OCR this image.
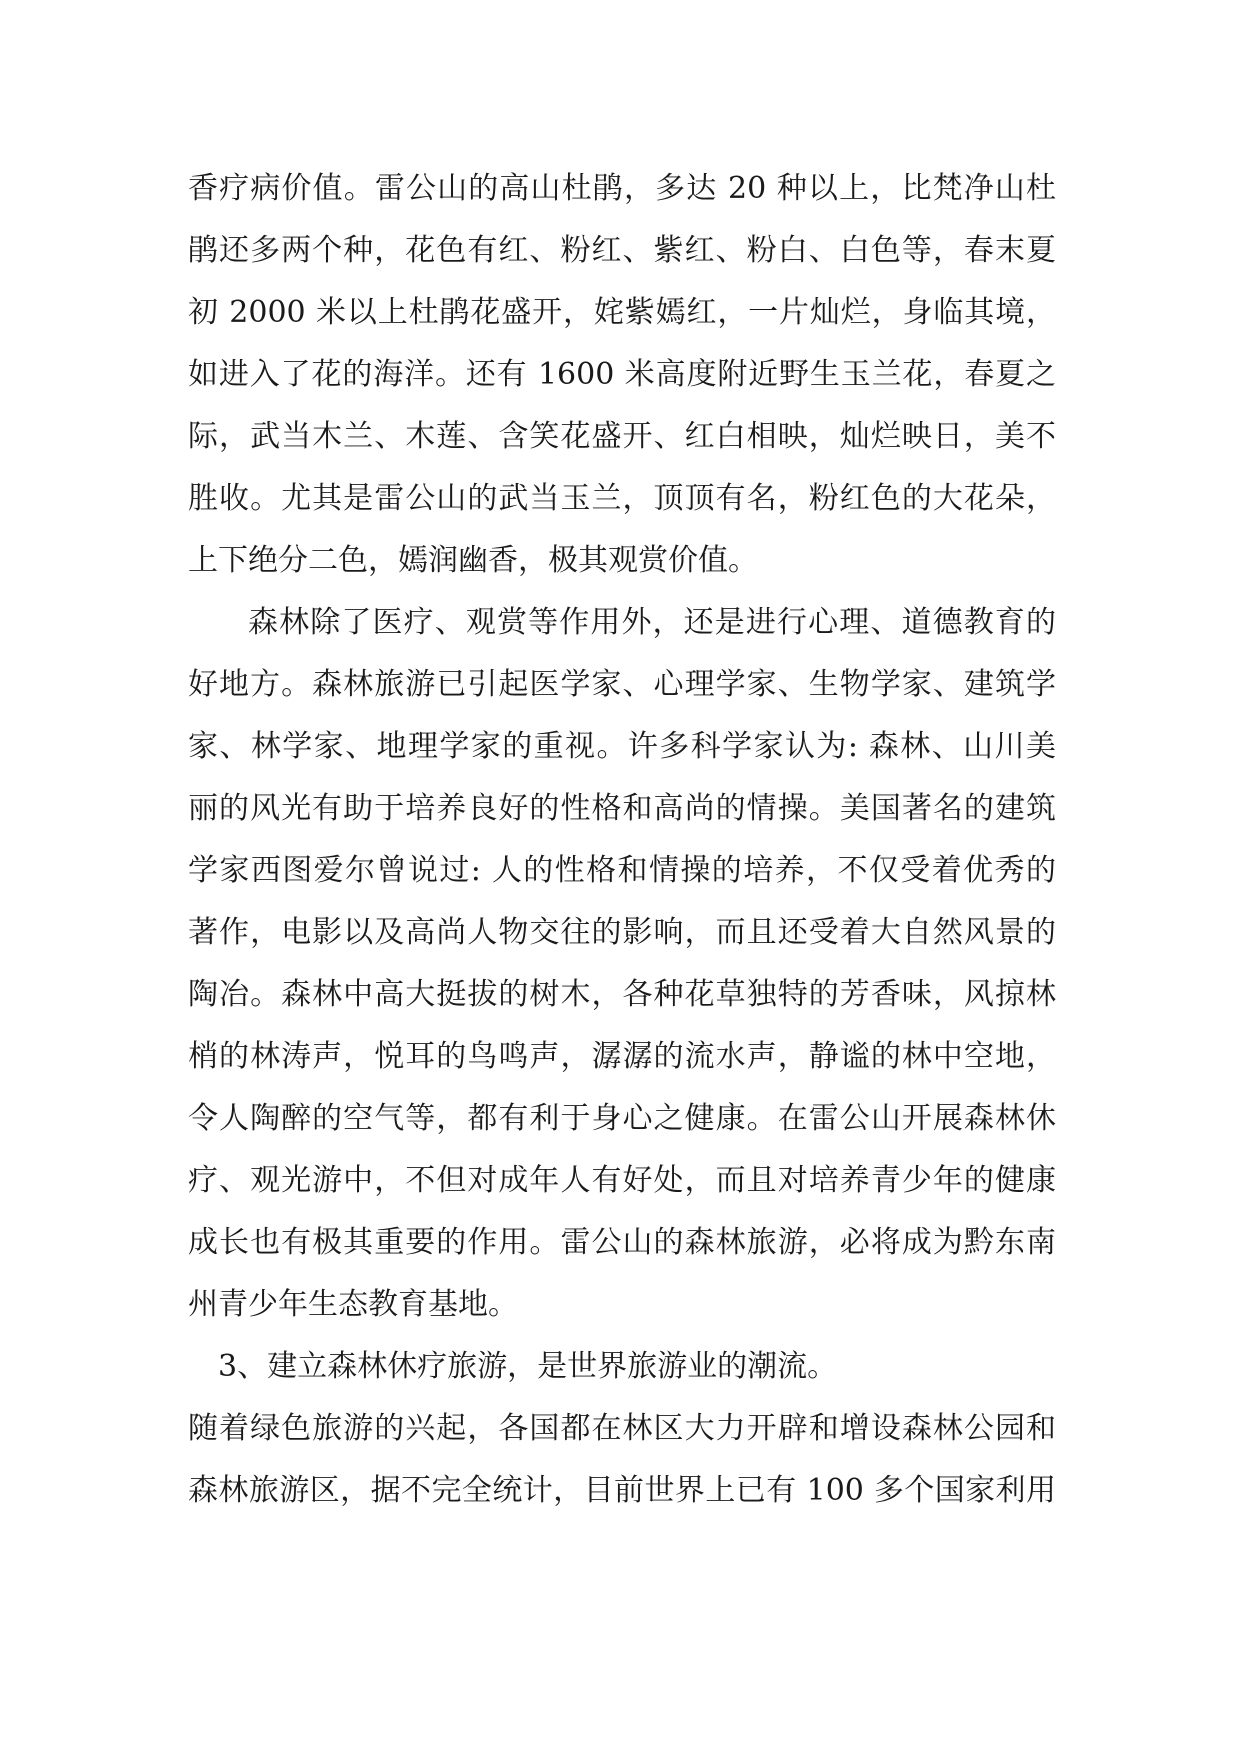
香疗病价值。雷公山的高山杜鹃，多达 20 种以上，比梵净山杜
鹃还多两个种，花色有红、粉红、紫红、粉白、白色等，春末夏
初 2000 米以上杜鹃花盛开，姹紫嫣红，一片灿烂，身临其境，
如进入了花的海洋。还有 1600 米高度附近野生玉兰花，春夏之
际，武当木兰、木莲、含笑花盛开、红白相映，灿烂映日，美不
胜收。尤其是雷公山的武当玉兰，顶顶有名，粉红色的大花朵，
上下绝分二色，嫣润幽香，极其观赏价值。
森林除了医疗、观赏等作用外，还是进行心理、道德教育的
好地方。森林旅游已引起医学家、心理学家、生物学家、建筑学
家、林学家、地理学家的重视。许多科学家认为: 森林、山川美
丽的风光有助于培养良好的性格和高尚的情操。美国著名的建筑
学家西图爱尔曾说过: 人的性格和情操的培养，不仅受着优秀的
著作，电影以及高尚人物交往的影响，而且还受着大自然风景的
陶冶。森林中高大挺拔的树木，各种花草独特的芳香味，风掠林
梢的林涛声，悦耳的鸟鸣声，潺潺的流水声，静谧的林中空地，
令人陶醉的空气等，都有利于身心之健康。在雷公山开展森林休
疗、观光游中，不但对成年人有好处，而且对培养青少年的健康
成长也有极其重要的作用。雷公山的森林旅游，必将成为黔东南
州青少年生态教育基地。
3、建立森林休疗旅游，是世界旅游业的潮流。
随着绿色旅游的兴起，各国都在林区大力开辟和增设森林公园和
森林旅游区，据不完全统计，目前世界上已有 100 多个国家利用
